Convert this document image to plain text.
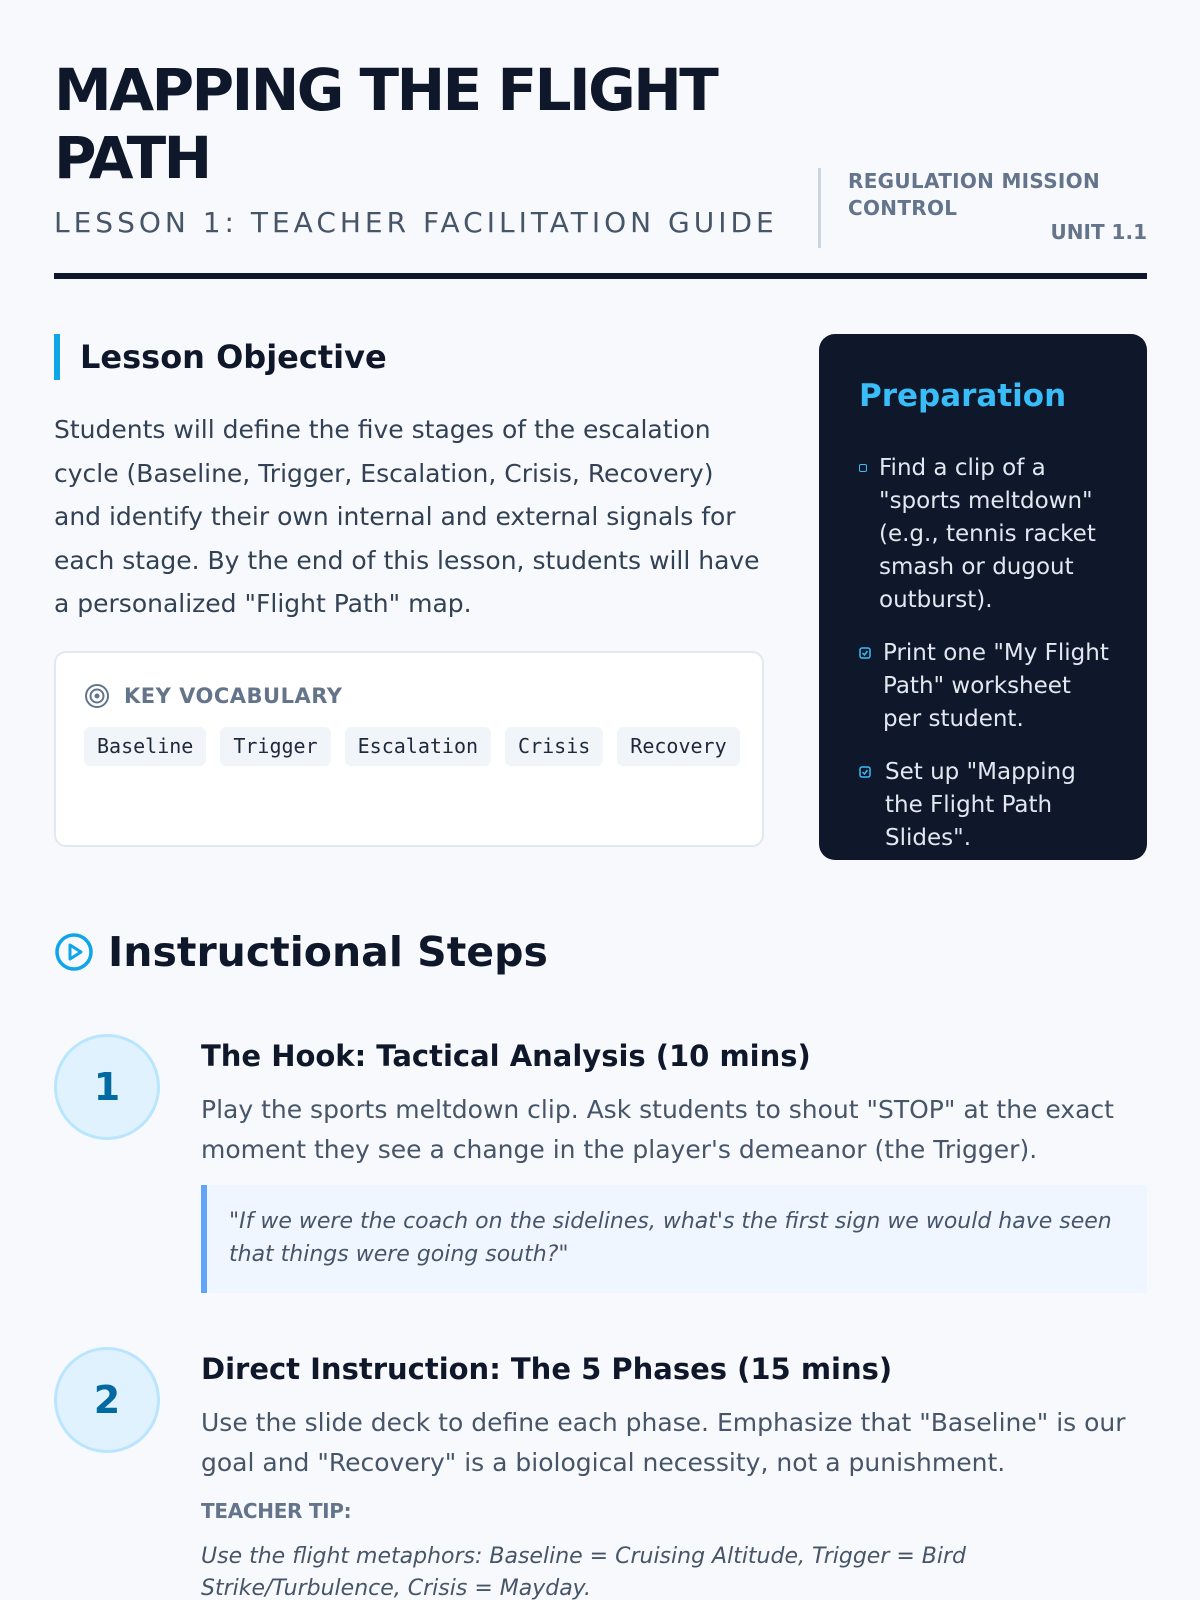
MAPPING THE FLIGHT PATH
LESSON 1: TEACHER FACILITATION GUIDE
REGULATION MISSION CONTROL
UNIT 1.1
Lesson Objective

Students will define the five stages of the escalation cycle (Baseline, Trigger, Escalation, Crisis, Recovery) and identify their own internal and external signals for each stage. By the end of this lesson, students will have a personalized "Flight Path" map.

KEY VOCABULARY
Baseline	Trigger	Escalation	Crisis	Recovery
Preparation
Find a clip of a "sports meltdown" (e.g., tennis racket smash or dugout outburst).
Print one "My Flight Path" worksheet per student.
Set up "Mapping the Flight Path Slides".
Instructional Steps
1
The Hook: Tactical Analysis (10 mins)

Play the sports meltdown clip. Ask students to shout "STOP" at the exact moment they see a change in the player's demeanor (the Trigger).

"If we were the coach on the sidelines, what's the first sign we would have seen that things were going south?"
2
Direct Instruction: The 5 Phases (15 mins)

Use the slide deck to define each phase. Emphasize that "Baseline" is our goal and "Recovery" is a biological necessity, not a punishment.

TEACHER TIP:

Use the flight metaphors: Baseline = Cruising Altitude, Trigger = Bird Strike/Turbulence, Crisis = Mayday.
